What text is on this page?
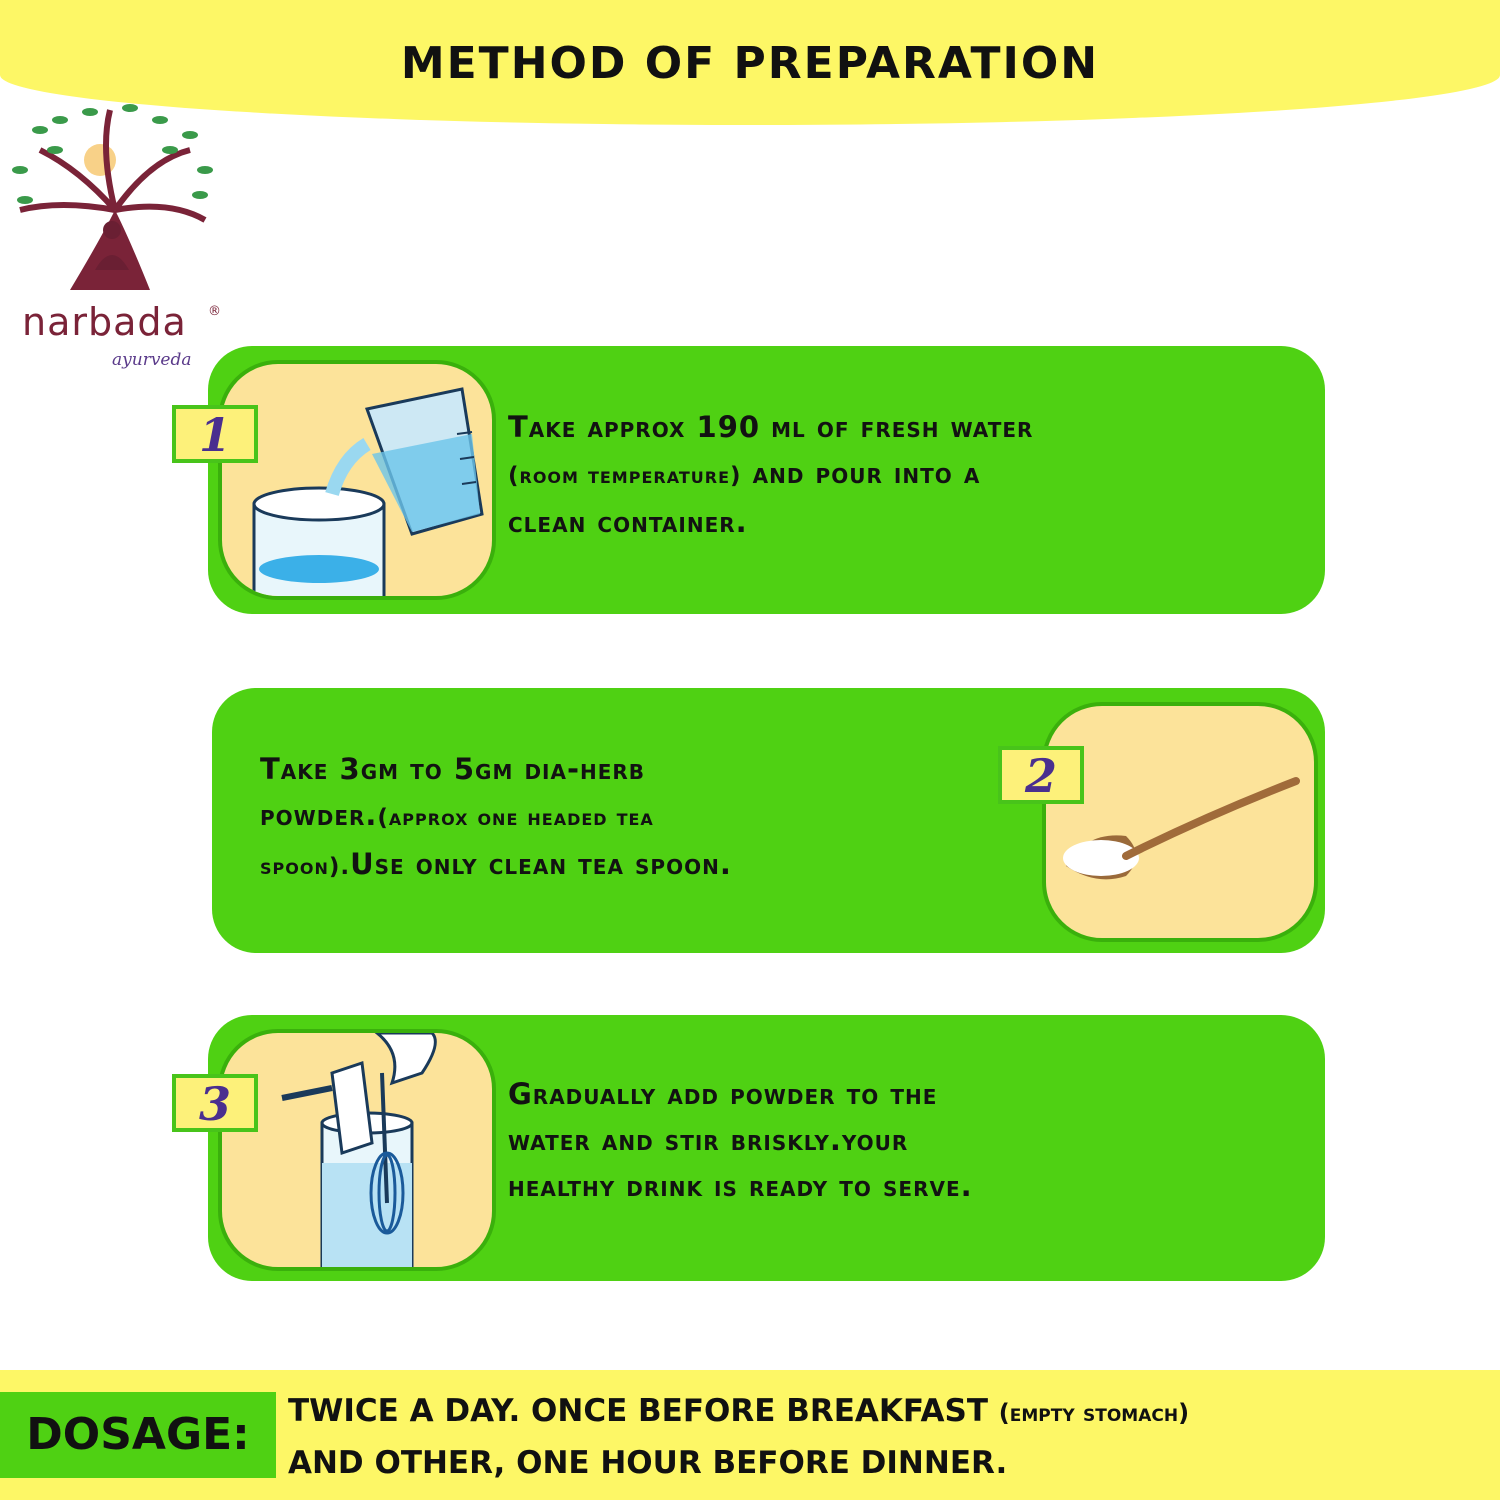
METHOD OF PREPARATION
narbada ®
ayurveda
Take approx 190 ml of fresh water
(room temperature) and pour into a
clean container.
1
Take 3gm to 5gm dia-herb
powder.(approx one headed tea
spoon).Use only clean tea spoon.
2
Gradually add powder to the
water and stir briskly.your
healthy drink is ready to serve.
3
DOSAGE:	TWICE A DAY. ONCE BEFORE BREAKFAST (empty stomach)
AND OTHER, ONE HOUR BEFORE DINNER.
